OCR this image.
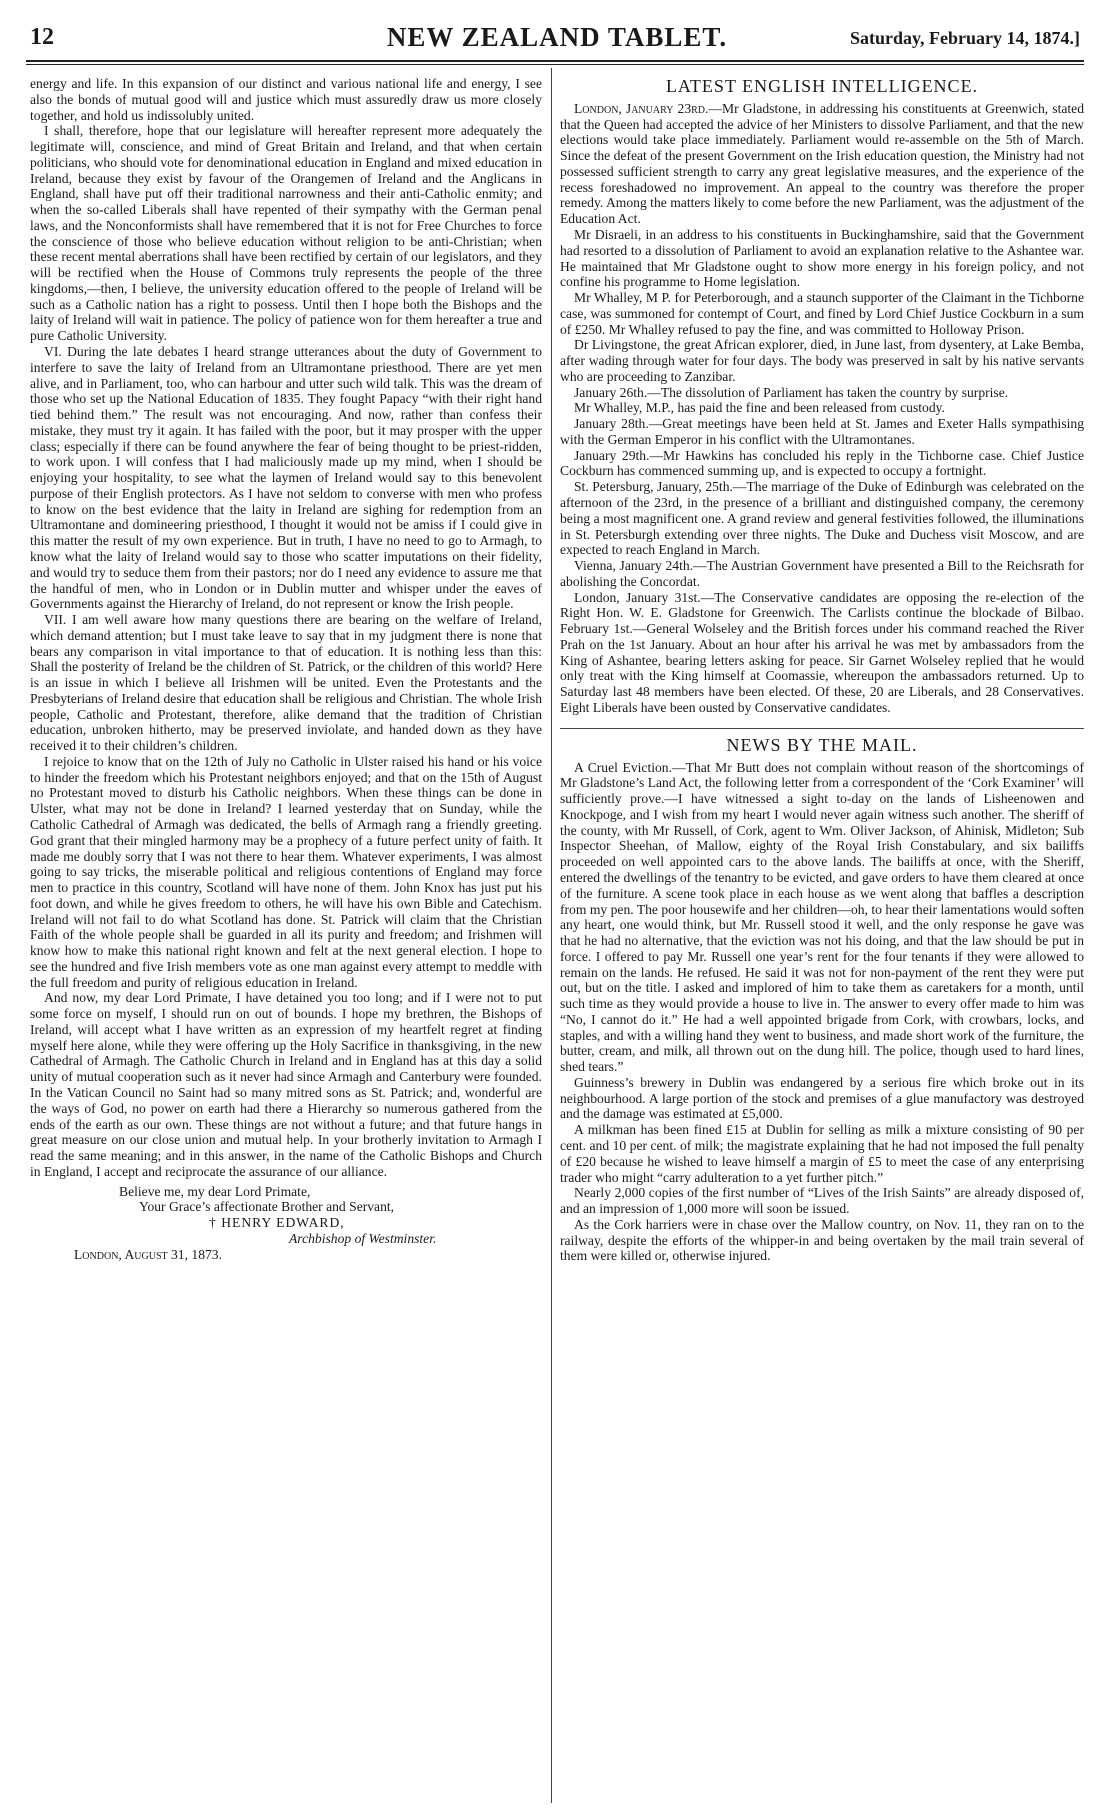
12	NEW ZEALAND TABLET.	Saturday, February 14, 1874.]

energy and life. In this expansion of our distinct and various national life and energy, I see also the bonds of mutual good will and justice which must assuredly draw us more closely together, and hold us indissolubly united.

I shall, therefore, hope that our legislature will hereafter represent more adequately the legitimate will, conscience, and mind of Great Britain and Ireland, and that when certain politicians, who should vote for denominational education in England and mixed education in Ireland, because they exist by favour of the Orangemen of Ireland and the Anglicans in England, shall have put off their traditional narrowness and their anti-Catholic enmity; and when the so-called Liberals shall have repented of their sympathy with the German penal laws, and the Nonconformists shall have remembered that it is not for Free Churches to force the conscience of those who believe education without religion to be anti-Christian; when these recent mental aberrations shall have been rectified by certain of our legislators, and they will be rectified when the House of Commons truly represents the people of the three kingdoms,—then, I believe, the university education offered to the people of Ireland will be such as a Catholic nation has a right to possess. Until then I hope both the Bishops and the laity of Ireland will wait in patience. The policy of patience won for them hereafter a true and pure Catholic University.

VI. During the late debates I heard strange utterances about the duty of Government to interfere to save the laity of Ireland from an Ultramontane priesthood. There are yet men alive, and in Parliament, too, who can harbour and utter such wild talk. This was the dream of those who set up the National Education of 1835. They fought Papacy “with their right hand tied behind them.” The result was not encouraging. And now, rather than confess their mistake, they must try it again. It has failed with the poor, but it may prosper with the upper class; especially if there can be found anywhere the fear of being thought to be priest-ridden, to work upon. I will confess that I had maliciously made up my mind, when I should be enjoying your hospitality, to see what the laymen of Ireland would say to this benevolent purpose of their English protectors. As I have not seldom to converse with men who profess to know on the best evidence that the laity in Ireland are sighing for redemption from an Ultramontane and domineering priesthood, I thought it would not be amiss if I could give in this matter the result of my own experience. But in truth, I have no need to go to Armagh, to know what the laity of Ireland would say to those who scatter imputations on their fidelity, and would try to seduce them from their pastors; nor do I need any evidence to assure me that the handful of men, who in London or in Dublin mutter and whisper under the eaves of Governments against the Hierarchy of Ireland, do not represent or know the Irish people.

VII. I am well aware how many questions there are bearing on the welfare of Ireland, which demand attention; but I must take leave to say that in my judgment there is none that bears any comparison in vital importance to that of education. It is nothing less than this: Shall the posterity of Ireland be the children of St. Patrick, or the children of this world? Here is an issue in which I believe all Irishmen will be united. Even the Protestants and the Presbyterians of Ireland desire that education shall be religious and Christian. The whole Irish people, Catholic and Protestant, therefore, alike demand that the tradition of Christian education, unbroken hitherto, may be preserved inviolate, and handed down as they have received it to their children’s children.

I rejoice to know that on the 12th of July no Catholic in Ulster raised his hand or his voice to hinder the freedom which his Protestant neighbors enjoyed; and that on the 15th of August no Protestant moved to disturb his Catholic neighbors. When these things can be done in Ulster, what may not be done in Ireland? I learned yesterday that on Sunday, while the Catholic Cathedral of Armagh was dedicated, the bells of Armagh rang a friendly greeting. God grant that their mingled harmony may be a prophecy of a future perfect unity of faith. It made me doubly sorry that I was not there to hear them. Whatever experiments, I was almost going to say tricks, the miserable political and religious contentions of England may force men to practice in this country, Scotland will have none of them. John Knox has just put his foot down, and while he gives freedom to others, he will have his own Bible and Catechism. Ireland will not fail to do what Scotland has done. St. Patrick will claim that the Christian Faith of the whole people shall be guarded in all its purity and freedom; and Irishmen will know how to make this national right known and felt at the next general election. I hope to see the hundred and five Irish members vote as one man against every attempt to meddle with the full freedom and purity of religious education in Ireland.

And now, my dear Lord Primate, I have detained you too long; and if I were not to put some force on myself, I should run on out of bounds. I hope my brethren, the Bishops of Ireland, will accept what I have written as an expression of my heartfelt regret at finding myself here alone, while they were offering up the Holy Sacrifice in thanksgiving, in the new Cathedral of Armagh. The Catholic Church in Ireland and in England has at this day a solid unity of mutual cooperation such as it never had since Armagh and Canterbury were founded. In the Vatican Council no Saint had so many mitred sons as St. Patrick; and, wonderful are the ways of God, no power on earth had there a Hierarchy so numerous gathered from the ends of the earth as our own. These things are not without a future; and that future hangs in great measure on our close union and mutual help. In your brotherly invitation to Armagh I read the same meaning; and in this answer, in the name of the Catholic Bishops and Church in England, I accept and reciprocate the assurance of our alliance.

Believe me, my dear Lord Primate,

Your Grace’s affectionate Brother and Servant,

† HENRY EDWARD,

Archbishop of Westminster.

London, August 31, 1873.

LATEST ENGLISH INTELLIGENCE.

London, January 23rd.—Mr Gladstone, in addressing his constituents at Greenwich, stated that the Queen had accepted the advice of her Ministers to dissolve Parliament, and that the new elections would take place immediately. Parliament would re-assemble on the 5th of March. Since the defeat of the present Government on the Irish education question, the Ministry had not possessed sufficient strength to carry any great legislative measures, and the experience of the recess foreshadowed no improvement. An appeal to the country was therefore the proper remedy. Among the matters likely to come before the new Parliament, was the adjustment of the Education Act.

Mr Disraeli, in an address to his constituents in Buckinghamshire, said that the Government had resorted to a dissolution of Parliament to avoid an explanation relative to the Ashantee war. He maintained that Mr Gladstone ought to show more energy in his foreign policy, and not confine his programme to Home legislation.

Mr Whalley, M P. for Peterborough, and a staunch supporter of the Claimant in the Tichborne case, was summoned for contempt of Court, and fined by Lord Chief Justice Cockburn in a sum of £250. Mr Whalley refused to pay the fine, and was committed to Holloway Prison.

Dr Livingstone, the great African explorer, died, in June last, from dysentery, at Lake Bemba, after wading through water for four days. The body was preserved in salt by his native servants who are proceeding to Zanzibar.

January 26th.—The dissolution of Parliament has taken the country by surprise.

Mr Whalley, M.P., has paid the fine and been released from custody.

January 28th.—Great meetings have been held at St. James and Exeter Halls sympathising with the German Emperor in his conflict with the Ultramontanes.

January 29th.—Mr Hawkins has concluded his reply in the Tichborne case. Chief Justice Cockburn has commenced summing up, and is expected to occupy a fortnight.

St. Petersburg, January, 25th.—The marriage of the Duke of Edinburgh was celebrated on the afternoon of the 23rd, in the presence of a brilliant and distinguished company, the ceremony being a most magnificent one. A grand review and general festivities followed, the illuminations in St. Petersburgh extending over three nights. The Duke and Duchess visit Moscow, and are expected to reach England in March.

Vienna, January 24th.—The Austrian Government have presented a Bill to the Reichsrath for abolishing the Concordat.

London, January 31st.—The Conservative candidates are opposing the re-election of the Right Hon. W. E. Gladstone for Greenwich. The Carlists continue the blockade of Bilbao. February 1st.—General Wolseley and the British forces under his command reached the River Prah on the 1st January. About an hour after his arrival he was met by ambassadors from the King of Ashantee, bearing letters asking for peace. Sir Garnet Wolseley replied that he would only treat with the King himself at Coomassie, whereupon the ambassadors returned. Up to Saturday last 48 members have been elected. Of these, 20 are Liberals, and 28 Conservatives. Eight Liberals have been ousted by Conservative candidates.

NEWS BY THE MAIL.

A Cruel Eviction.—That Mr Butt does not complain without reason of the shortcomings of Mr Gladstone’s Land Act, the following letter from a correspondent of the ‘Cork Examiner’ will sufficiently prove.—I have witnessed a sight to-day on the lands of Lisheenowen and Knockpoge, and I wish from my heart I would never again witness such another. The sheriff of the county, with Mr Russell, of Cork, agent to Wm. Oliver Jackson, of Ahinisk, Midleton; Sub Inspector Sheehan, of Mallow, eighty of the Royal Irish Constabulary, and six bailiffs proceeded on well appointed cars to the above lands. The bailiffs at once, with the Sheriff, entered the dwellings of the tenantry to be evicted, and gave orders to have them cleared at once of the furniture. A scene took place in each house as we went along that baffles a description from my pen. The poor housewife and her children—oh, to hear their lamentations would soften any heart, one would think, but Mr. Russell stood it well, and the only response he gave was that he had no alternative, that the eviction was not his doing, and that the law should be put in force. I offered to pay Mr. Russell one year’s rent for the four tenants if they were allowed to remain on the lands. He refused. He said it was not for non-payment of the rent they were put out, but on the title. I asked and implored of him to take them as caretakers for a month, until such time as they would provide a house to live in. The answer to every offer made to him was “No, I cannot do it.” He had a well appointed brigade from Cork, with crowbars, locks, and staples, and with a willing hand they went to business, and made short work of the furniture, the butter, cream, and milk, all thrown out on the dung hill. The police, though used to hard lines, shed tears.”

Guinness’s brewery in Dublin was endangered by a serious fire which broke out in its neighbourhood. A large portion of the stock and premises of a glue manufactory was destroyed and the damage was estimated at £5,000.

A milkman has been fined £15 at Dublin for selling as milk a mixture consisting of 90 per cent. and 10 per cent. of milk; the magistrate explaining that he had not imposed the full penalty of £20 because he wished to leave himself a margin of £5 to meet the case of any enterprising trader who might “carry adulteration to a yet further pitch.”

Nearly 2,000 copies of the first number of “Lives of the Irish Saints” are already disposed of, and an impression of 1,000 more will soon be issued.

As the Cork harriers were in chase over the Mallow country, on Nov. 11, they ran on to the railway, despite the efforts of the whipper-in and being overtaken by the mail train several of them were killed or, otherwise injured.
